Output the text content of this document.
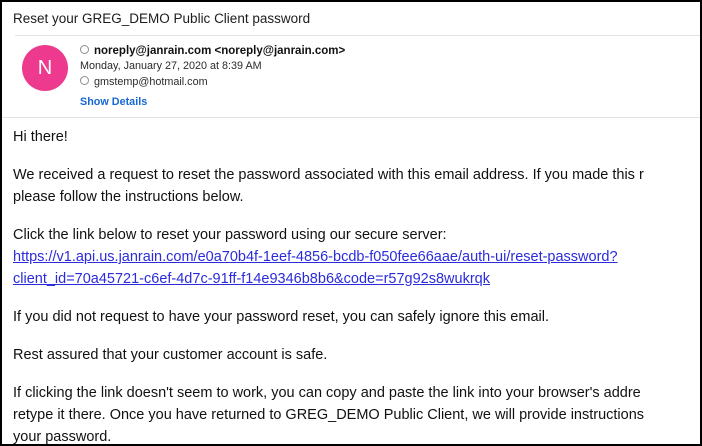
Reset your GREG_DEMO Public Client password
N
noreply@janrain.com <noreply@janrain.com>
Monday, January 27, 2020 at 8:39 AM
gmstemp@hotmail.com
Show Details

Hi there!

We received a request to reset the password associated with this email address. If you made this r
please follow the instructions below.

Click the link below to reset your password using our secure server:
https://v1.api.us.janrain.com/e0a70b4f-1eef-4856-bcdb-f050fee66aae/auth-ui/reset-password?
client_id=70a45721-c6ef-4d7c-91ff-f14e9346b8b6&code=r57g92s8wukrqk

If you did not request to have your password reset, you can safely ignore this email.

Rest assured that your customer account is safe.

If clicking the link doesn't seem to work, you can copy and paste the link into your browser's addre
retype it there. Once you have returned to GREG_DEMO Public Client, we will provide instructions
your password.
